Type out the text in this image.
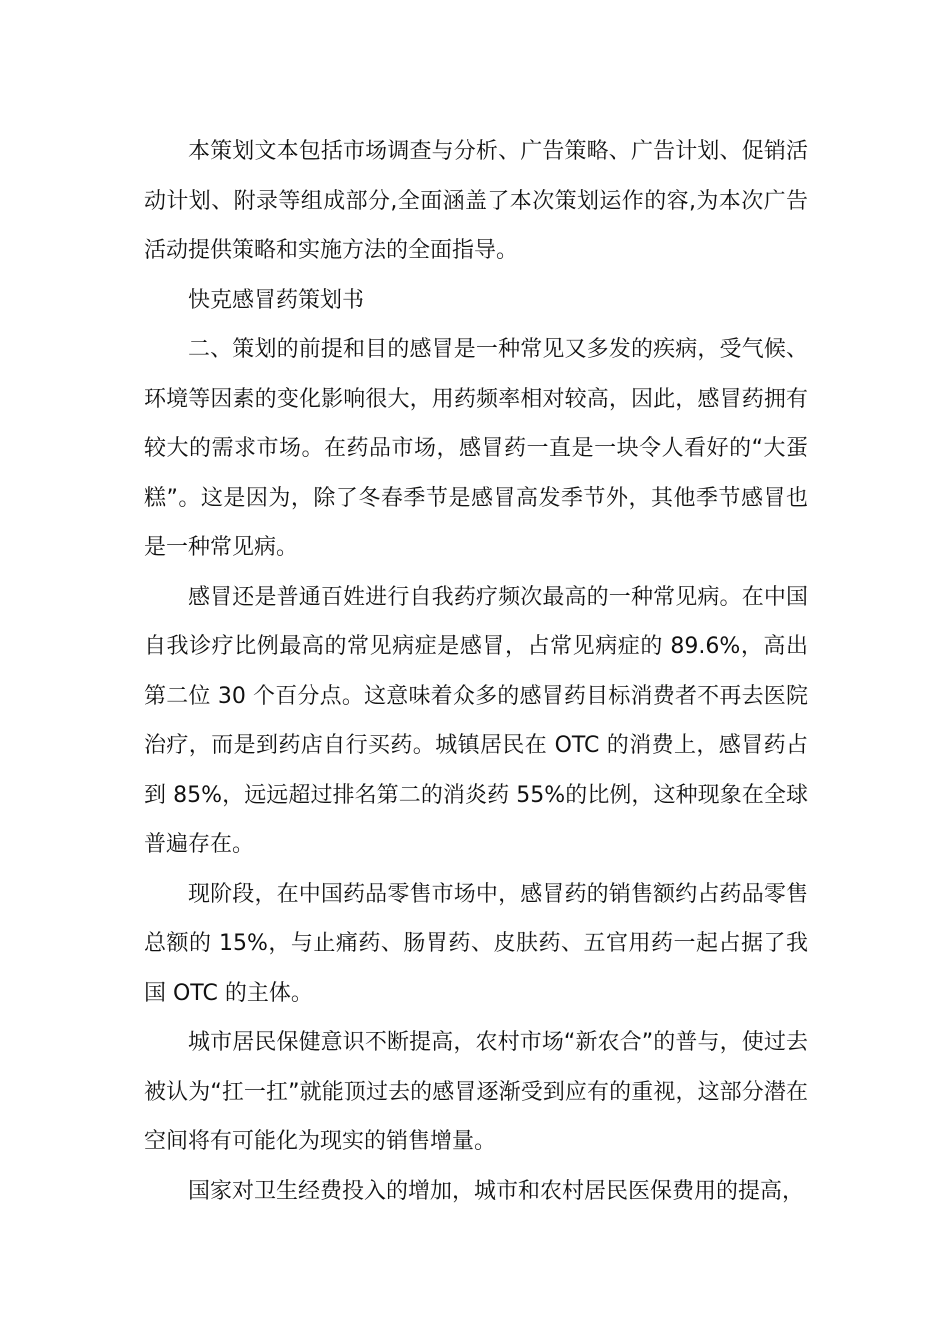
本策划文本包括市场调查与分析、广告策略、广告计划、促销活动计划、附录等组成部分,全面涵盖了本次策划运作的容,为本次广告活动提供策略和实施方法的全面指导。

快克感冒药策划书

二、策划的前提和目的感冒是一种常见又多发的疾病，受气候、环境等因素的变化影响很大，用药频率相对较高，因此，感冒药拥有较大的需求市场。在药品市场，感冒药一直是一块令人看好的“大蛋糕”。这是因为，除了冬春季节是感冒高发季节外，其他季节感冒也是一种常见病。

感冒还是普通百姓进行自我药疗频次最高的一种常见病。在中国自我诊疗比例最高的常见病症是感冒，占常见病症的 89.6%，高出第二位 30 个百分点。这意味着众多的感冒药目标消费者不再去医院治疗，而是到药店自行买药。城镇居民在 OTC 的消费上，感冒药占到 85%，远远超过排名第二的消炎药 55%的比例，这种现象在全球普遍存在。

现阶段，在中国药品零售市场中，感冒药的销售额约占药品零售总额的 15%，与止痛药、肠胃药、皮肤药、五官用药一起占据了我国 OTC 的主体。

城市居民保健意识不断提高，农村市场“新农合”的普与，使过去被认为“扛一扛”就能顶过去的感冒逐渐受到应有的重视，这部分潜在空间将有可能化为现实的销售增量。

国家对卫生经费投入的增加，城市和农村居民医保费用的提高，
